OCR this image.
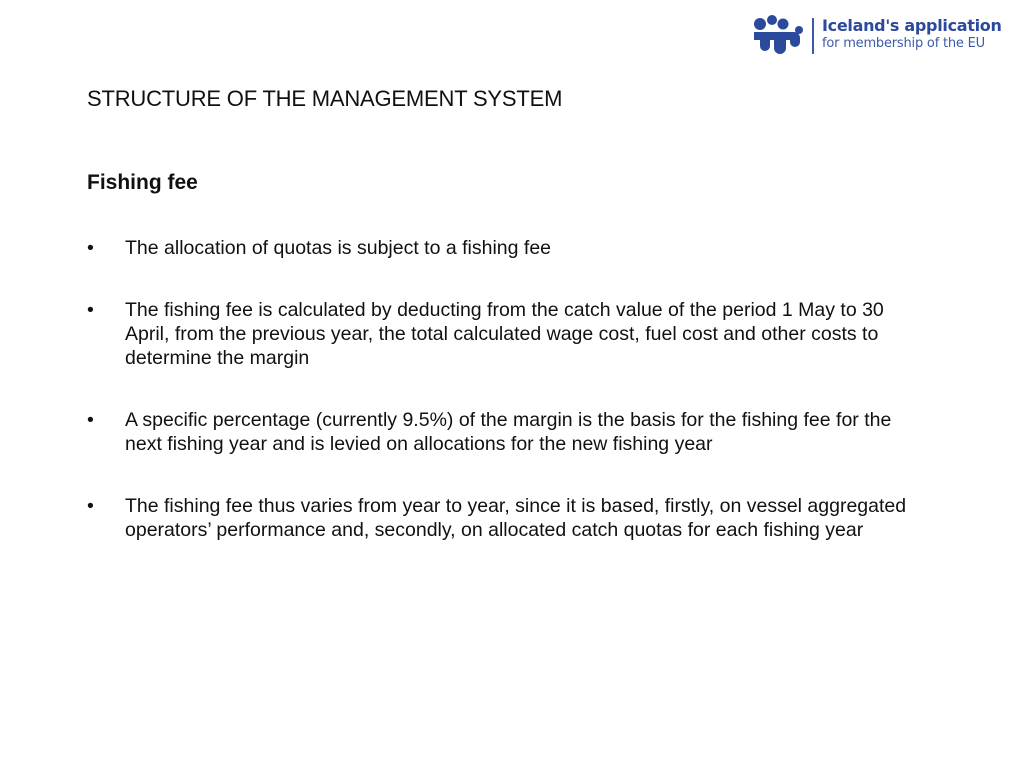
Iceland's application
for membership of the EU
STRUCTURE OF THE MANAGEMENT SYSTEM
Fishing fee
•	The allocation of quotas is subject to a fishing fee
•	The fishing fee is calculated by deducting from the catch value of the period 1 May to 30 April, from the previous year, the total calculated wage cost, fuel cost and other costs to determine the margin
•	A specific percentage (currently 9.5%) of the margin is the basis for the fishing fee for the next fishing year and is levied on allocations for the new fishing year
•	The fishing fee thus varies from year to year, since it is based, firstly, on vessel aggregated operators’ performance and, secondly, on allocated catch quotas for each fishing year
